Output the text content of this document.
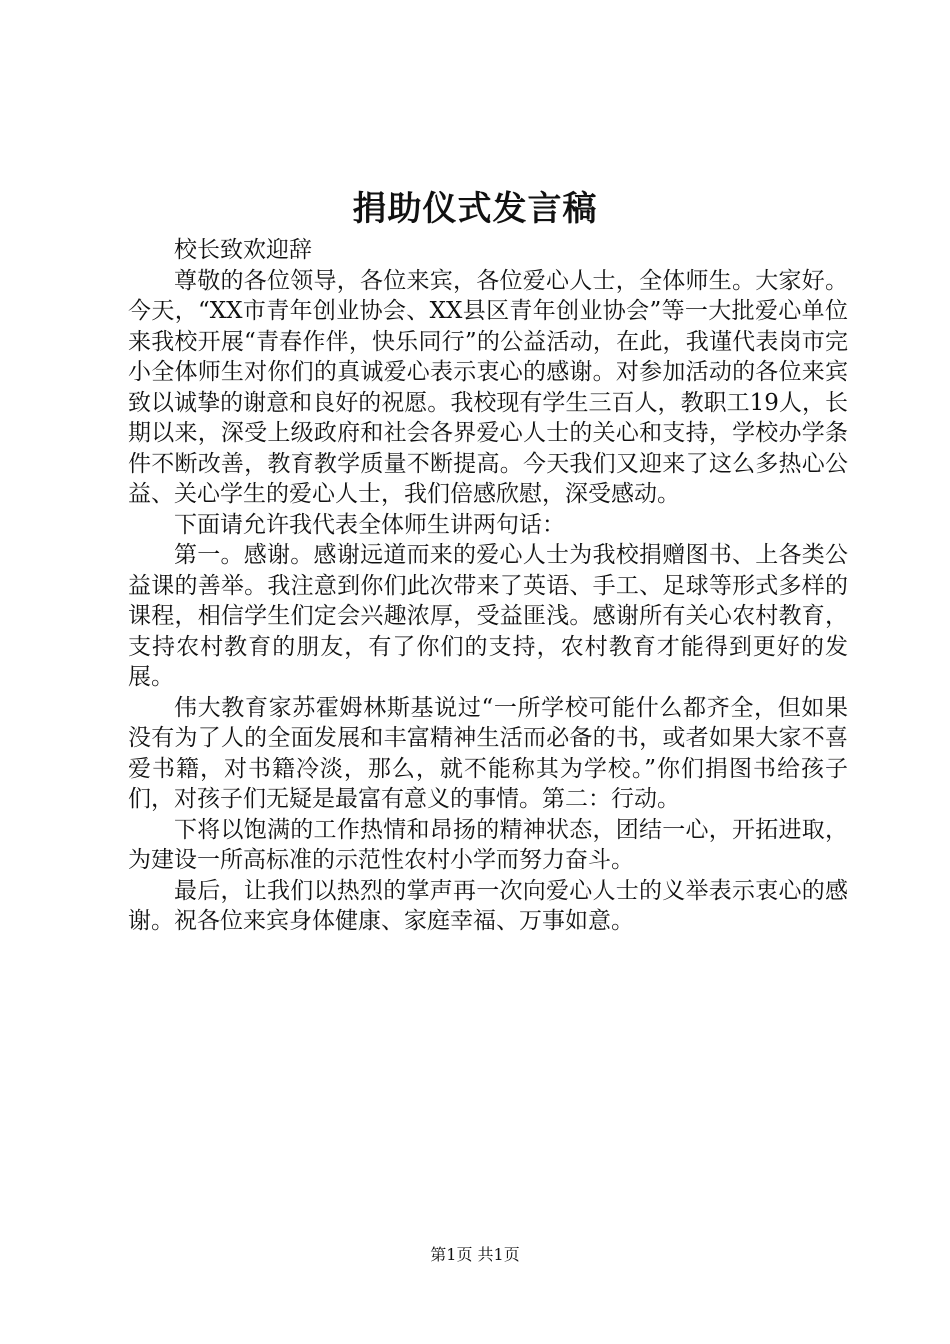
捐助仪式发言稿

校长致欢迎辞

尊敬的各位领导，各位来宾，各位爱心人士，全体师生。大家好。今天，“XX市青年创业协会、XX县区青年创业协会”等一大批爱心单位来我校开展“青春作伴，快乐同行”的公益活动，在此，我谨代表岗市完小全体师生对你们的真诚爱心表示衷心的感谢。对参加活动的各位来宾致以诚挚的谢意和良好的祝愿。我校现有学生三百人，教职工19人，长期以来，深受上级政府和社会各界爱心人士的关心和支持，学校办学条件不断改善，教育教学质量不断提高。今天我们又迎来了这么多热心公益、关心学生的爱心人士，我们倍感欣慰，深受感动。

下面请允许我代表全体师生讲两句话：

第一。感谢。感谢远道而来的爱心人士为我校捐赠图书、上各类公益课的善举。我注意到你们此次带来了英语、手工、足球等形式多样的课程，相信学生们定会兴趣浓厚，受益匪浅。感谢所有关心农村教育，支持农村教育的朋友，有了你们的支持，农村教育才能得到更好的发展。

伟大教育家苏霍姆林斯基说过“一所学校可能什么都齐全，但如果没有为了人的全面发展和丰富精神生活而必备的书，或者如果大家不喜爱书籍，对书籍冷淡，那么，就不能称其为学校。”你们捐图书给孩子们，对孩子们无疑是最富有意义的事情。第二：行动。

下将以饱满的工作热情和昂扬的精神状态，团结一心，开拓进取，为建设一所高标准的示范性农村小学而努力奋斗。

最后，让我们以热烈的掌声再一次向爱心人士的义举表示衷心的感谢。祝各位来宾身体健康、家庭幸福、万事如意。

第1页 共1页
